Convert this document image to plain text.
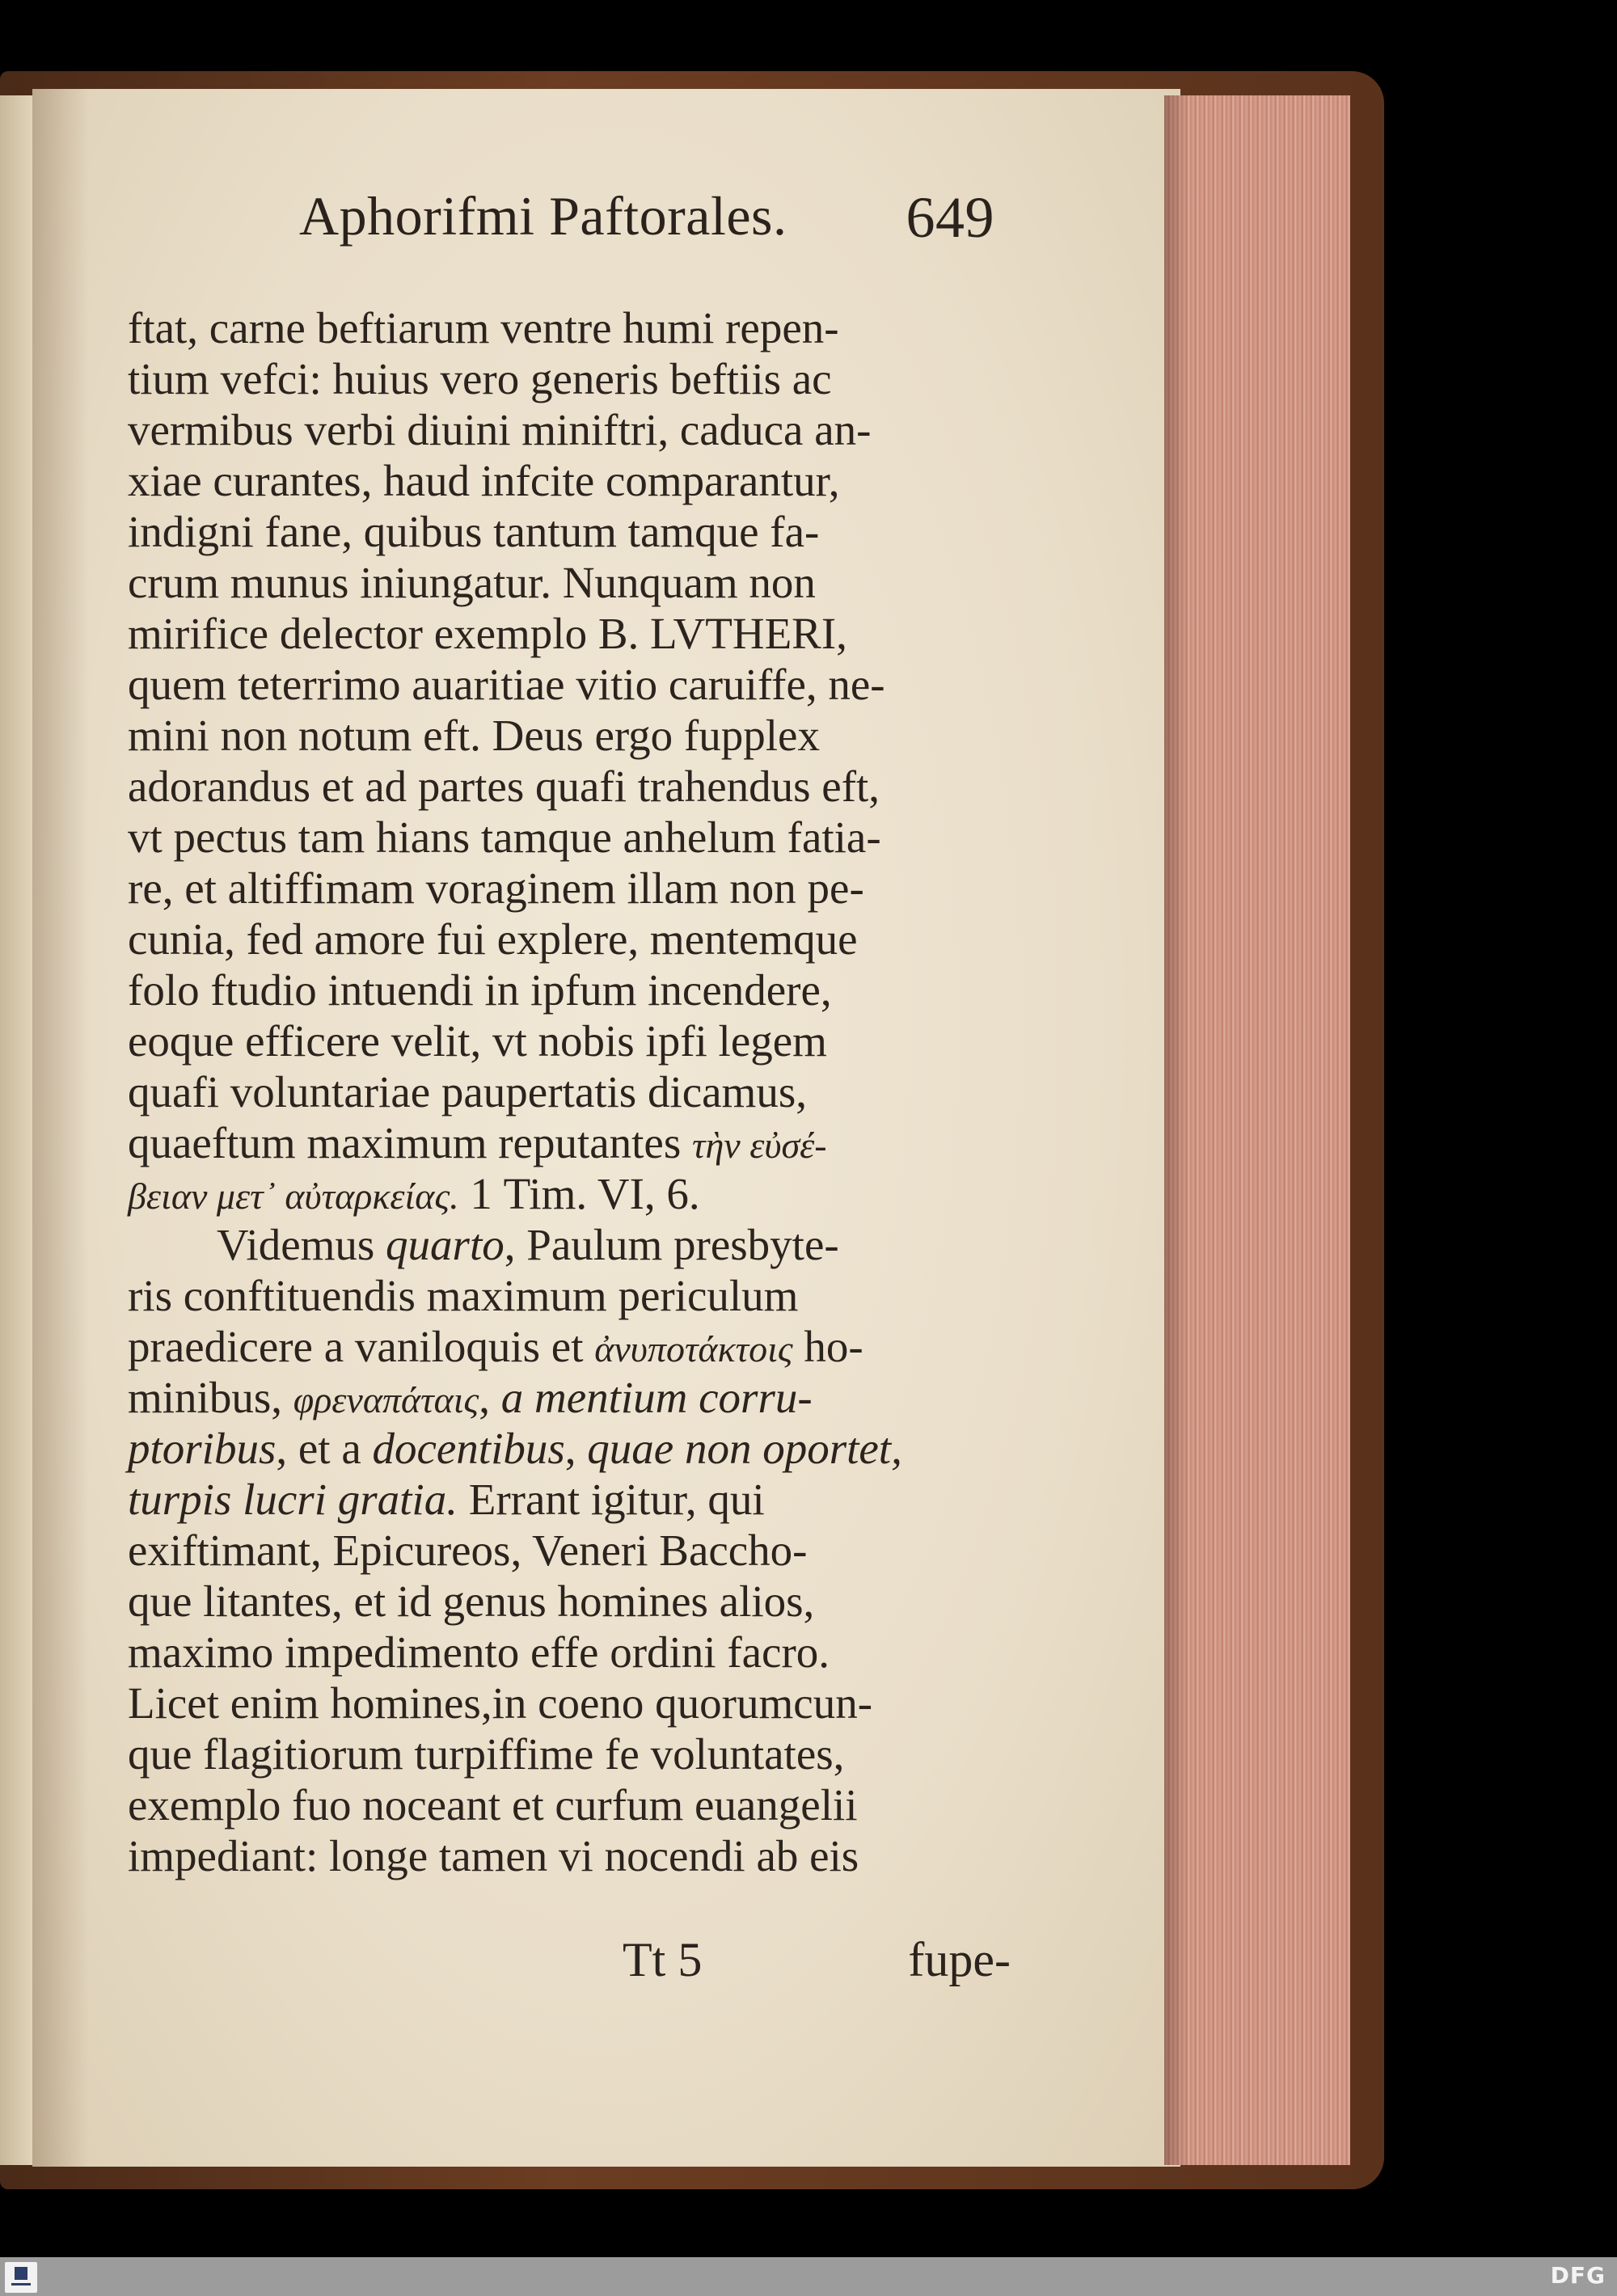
Aphorifmi Paftorales. 649
ftat, carne beftiarum ventre humi repen-
tium vefci: huius vero generis beftiis ac
vermibus verbi diuini miniftri, caduca an-
xiae curantes, haud infcite comparantur,
indigni fane, quibus tantum tamque fa-
crum munus iniungatur. Nunquam non
mirifice delector exemplo B. LVTHERI,
quem teterrimo auaritiae vitio caruiffe, ne-
mini non notum eft. Deus ergo fupplex
adorandus et ad partes quafi trahendus eft,
vt pectus tam hians tamque anhelum fatia-
re, et altiffimam voraginem illam non pe-
cunia, fed amore fui explere, mentemque
folo ftudio intuendi in ipfum incendere,
eoque efficere velit, vt nobis ipfi legem
quafi voluntariae paupertatis dicamus,
quaeftum maximum reputantes τὴν εὐσέ-
βειαν μετ᾽ αὐταρκείας. 1 Tim. VI, 6.
Videmus quarto, Paulum presbyte-
ris conftituendis maximum periculum
praedicere a vaniloquis et ἀνυποτάκτοις ho-
minibus, φρεναπάταις, a mentium corru-
ptoribus, et a docentibus, quae non oportet,
turpis lucri gratia. Errant igitur, qui
exiftimant, Epicureos, Veneri Baccho-
que litantes, et id genus homines alios,
maximo impedimento effe ordini facro.
Licet enim homines,in coeno quorumcun-
que flagitiorum turpiffime fe voluntates,
exemplo fuo noceant et curfum euangelii
impediant: longe tamen vi nocendi ab eis
Tt 5	fupe-
DFG
